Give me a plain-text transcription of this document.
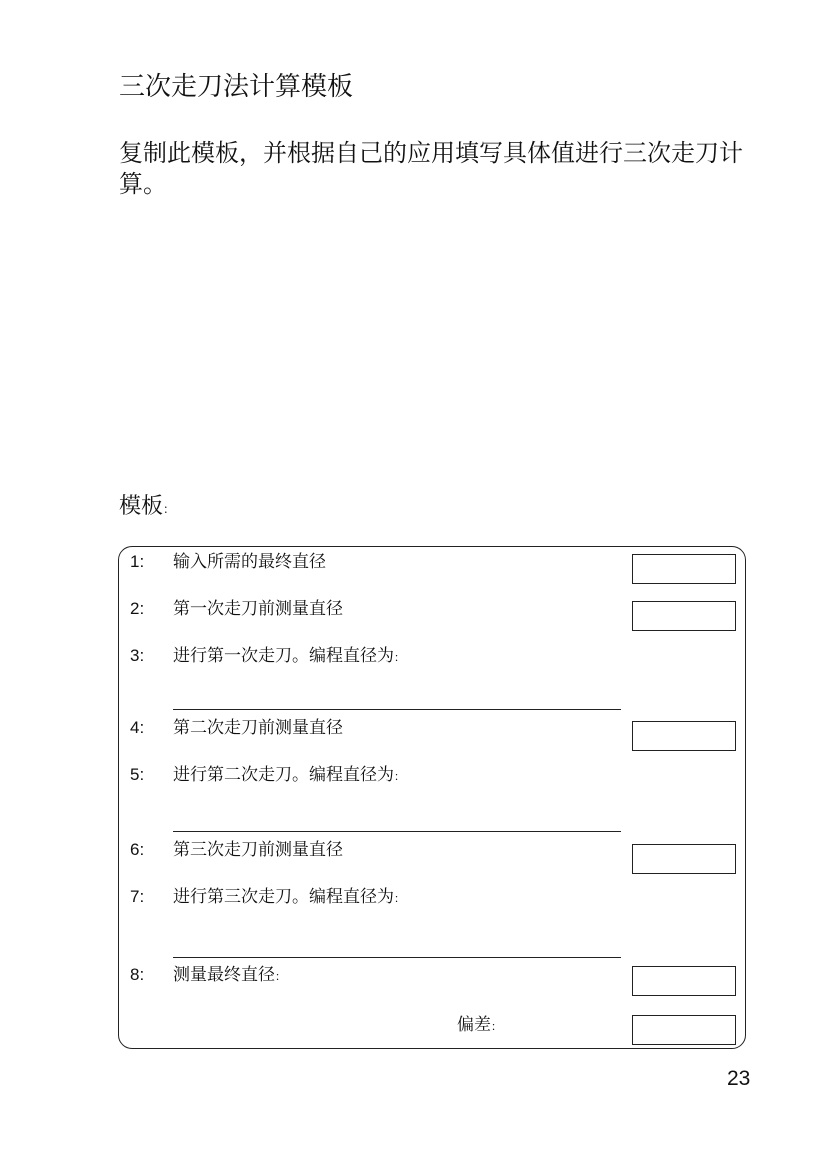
三次走刀法计算模板
复制此模板，并根据自己的应用填写具体值进行三次走刀计算。
模板：
1: 输入所需的最终直径
2: 第一次走刀前测量直径
3: 进行第一次走刀。编程直径为：
4: 第二次走刀前测量直径
5: 进行第二次走刀。编程直径为：
6: 第三次走刀前测量直径
7: 进行第三次走刀。编程直径为：
8: 测量最终直径：
偏差：
23
